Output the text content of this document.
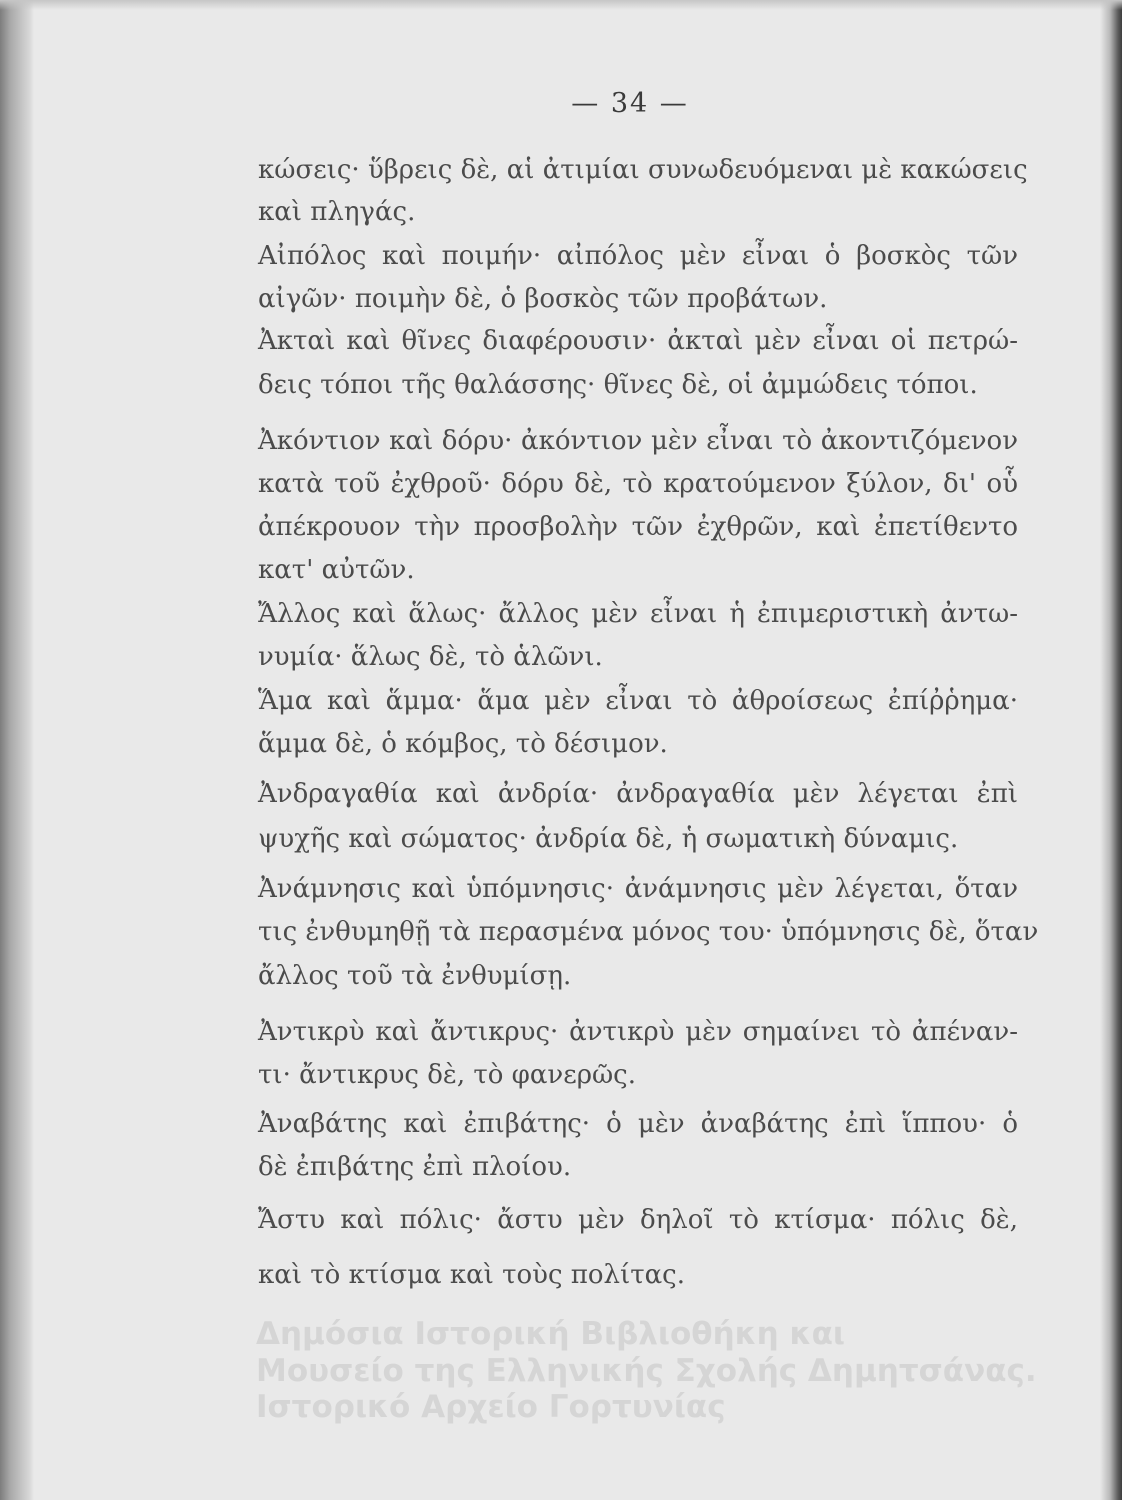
— 34 —
κώσεις· ὕβρεις δὲ, αἱ ἀτιμίαι συνωδευόμεναι μὲ κακώσεις
καὶ πληγάς.
Αἰπόλος καὶ ποιμήν· αἰπόλος μὲν εἶναι ὁ βοσκὸς τῶν
αἰγῶν· ποιμὴν δὲ, ὁ βοσκὸς τῶν προβάτων.
Ἀκταὶ καὶ θῖνες διαφέρουσιν· ἀκταὶ μὲν εἶναι οἱ πετρώ-
δεις τόποι τῆς θαλάσσης· θῖνες δὲ, οἱ ἀμμώδεις τόποι.
Ἀκόντιον καὶ δόρυ· ἀκόντιον μὲν εἶναι τὸ ἀκοντιζόμενον
κατὰ τοῦ ἐχθροῦ· δόρυ δὲ, τὸ κρατούμενον ξύλον, δι' οὗ
ἀπέκρουον τὴν προσβολὴν τῶν ἐχθρῶν, καὶ ἐπετίθεντο
κατ' αὐτῶν.
Ἄλλος καὶ ἅλως· ἄλλος μὲν εἶναι ἡ ἐπιμεριστικὴ ἀντω-
νυμία· ἅλως δὲ, τὸ ἁλῶνι.
Ἅμα καὶ ἅμμα· ἅμα μὲν εἶναι τὸ ἀθροίσεως ἐπίῤῥημα·
ἅμμα δὲ, ὁ κόμβος, τὸ δέσιμον.
Ἀνδραγαθία καὶ ἀνδρία· ἀνδραγαθία μὲν λέγεται ἐπὶ
ψυχῆς καὶ σώματος· ἀνδρία δὲ, ἡ σωματικὴ δύναμις.
Ἀνάμνησις καὶ ὑπόμνησις· ἀνάμνησις μὲν λέγεται, ὅταν
τις ἐνθυμηθῇ τὰ περασμένα μόνος του· ὑπόμνησις δὲ, ὅταν
ἄλλος τοῦ τὰ ἐνθυμίσῃ.
Ἀντικρὺ καὶ ἄντικρυς· ἀντικρὺ μὲν σημαίνει τὸ ἀπέναν-
τι· ἄντικρυς δὲ, τὸ φανερῶς.
Ἀναβάτης καὶ ἐπιβάτης· ὁ μὲν ἀναβάτης ἐπὶ ἵππου· ὁ
δὲ ἐπιβάτης ἐπὶ πλοίου.
Ἄστυ καὶ πόλις· ἄστυ μὲν δηλοῖ τὸ κτίσμα· πόλις δὲ,
καὶ τὸ κτίσμα καὶ τοὺς πολίτας.
Δημόσια Ιστορική Βιβλιοθήκη και
Μουσείο της Ελληνικής Σχολής Δημητσάνας.
Ιστορικό Αρχείο Γορτυνίας
